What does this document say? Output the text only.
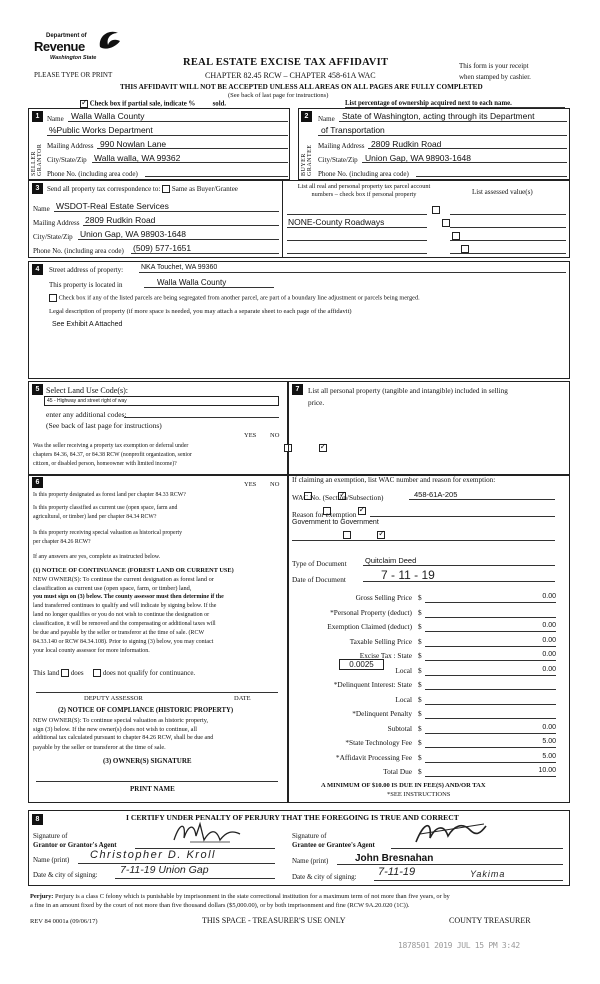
Department of
Revenue
Washington State
PLEASE TYPE OR PRINT
REAL ESTATE EXCISE TAX AFFIDAVIT
CHAPTER 82.45 RCW – CHAPTER 458-61A WAC
THIS AFFIDAVIT WILL NOT BE ACCEPTED UNLESS ALL AREAS ON ALL PAGES ARE FULLY COMPLETED
(See back of last page for instructions)
This form is your receipt
when stamped by cashier.
✓ Check box if partial sale, indicate %	sold.	List percentage of ownership acquired next to each name.
1
SELLER GRANTOR
Name Walla Walla County
%Public Works Department
Mailing Address 990 Nowlan Lane
City/State/Zip Walla walla, WA 99362
Phone No. (including area code)
2
BUYER GRANTEE
Name State of Washington, acting through its Department
of Transportation
Mailing Address 2809 Rudkin Road
City/State/Zip Union Gap, WA 98903-1648
Phone No. (including area code)
3	Send all property tax correspondence to: Same as Buyer/Grantee
Name WSDOT-Real Estate Services
Mailing Address 2809 Rudkin Road
City/State/Zip Union Gap, WA 98903-1648
Phone No. (including area code) (509) 577-1651
List all real and personal property tax parcel account
numbers – check box if personal property	List assessed value(s)
NONE-County Roadways

4	Street address of property:	NKA Touchet, WA 99360
This property is located in	Walla Walla County
Check box if any of the listed parcels are being segregated from another parcel, are part of a boundary line adjustment or parcels being merged.
Legal description of property (if more space is needed, you may attach a separate sheet to each page of the affidavit)
See Exhibit A Attached
5 Select Land Use Code(s):
45 - Highway and street right of way
enter any additional codes:
(See back of last page for instructions)
YES NO
Was the seller receiving a property tax exemption or deferral under
chapters 84.36, 84.37, or 84.38 RCW (nonprofit organization, senior
citizen, or disabled person, homeowner with limited income)?
✓
7	List all personal property (tangible and intangible) included in selling
price.
6	YES NO
Is this property designated as forest land per chapter 84.33 RCW?
✓
Is this property classified as current use (open space, farm and
agricultural, or timber) land per chapter 84.34 RCW?
✓
Is this property receiving special valuation as historical property
per chapter 84.26 RCW?
✓
If any answers are yes, complete as instructed below.
(1) NOTICE OF CONTINUANCE (FOREST LAND OR CURRENT USE)
NEW OWNER(S): To continue the current designation as forest land or
classification as current use (open space, farm, or timber) land,
you must sign on (3) below. The county assessor must then determine if the
land transferred continues to qualify and will indicate by signing below. If the
land no longer qualifies or you do not wish to continue the designation or
classification, it will be removed and the compensating or additional taxes will
be due and payable by the seller or transferor at the time of sale. (RCW
84.33.140 or RCW 84.34.108). Prior to signing (3) below, you may contact
your local county assessor for more information.
This land does	does not qualify for continuance.
DEPUTY ASSESSOR	DATE
(2) NOTICE OF COMPLIANCE (HISTORIC PROPERTY)
NEW OWNER(S): To continue special valuation as historic property,
sign (3) below. If the new owner(s) does not wish to continue, all
additional tax calculated pursuant to chapter 84.26 RCW, shall be due and
payable by the seller or transferor at the time of sale.
(3) OWNER(S) SIGNATURE
PRINT NAME
If claiming an exemption, list WAC number and reason for exemption:
WAC No. (Section/Subsection)	458-61A-205
Reason for exemption
Government to Government
Type of Document Quitclaim Deed
Date of Document	7 - 11 - 19
Gross Selling Price $	0.00
*Personal Property (deduct) $
Exemption Claimed (deduct) $	0.00
Taxable Selling Price $	0.00
Excise Tax : State $	0.00
Local $	0.00
*Delinquent Interest: State $
Local $
*Delinquent Penalty $
Subtotal $	0.00
*State Technology Fee $	5.00
*Affidavit Processing Fee $	5.00
Total Due $	10.00
0.0025
A MINIMUM OF $10.00 IS DUE IN FEE(S) AND/OR TAX
*SEE INSTRUCTIONS
8	I CERTIFY UNDER PENALTY OF PERJURY THAT THE FOREGOING IS TRUE AND CORRECT
Signature of
Grantor or Grantor's Agent
Name (print) Christopher D. Kroll
Date & city of signing: 7-11-19 Union Gap
Signature of
Grantee or Grantee's Agent
Name (print)	John Bresnahan
Date & city of signing: 7-11-19	Yakima
Perjury: Perjury is a class C felony which is punishable by imprisonment in the state correctional institution for a maximum term of not more than five years, or by
a fine in an amount fixed by the court of not more than five thousand dollars ($5,000.00), or by both imprisonment and fine (RCW 9A.20.020 (1C)).
REV 84 0001a (09/06/17)	THIS SPACE - TREASURER'S USE ONLY	COUNTY TREASURER
1878501 2019 JUL 15 PM 3:42
